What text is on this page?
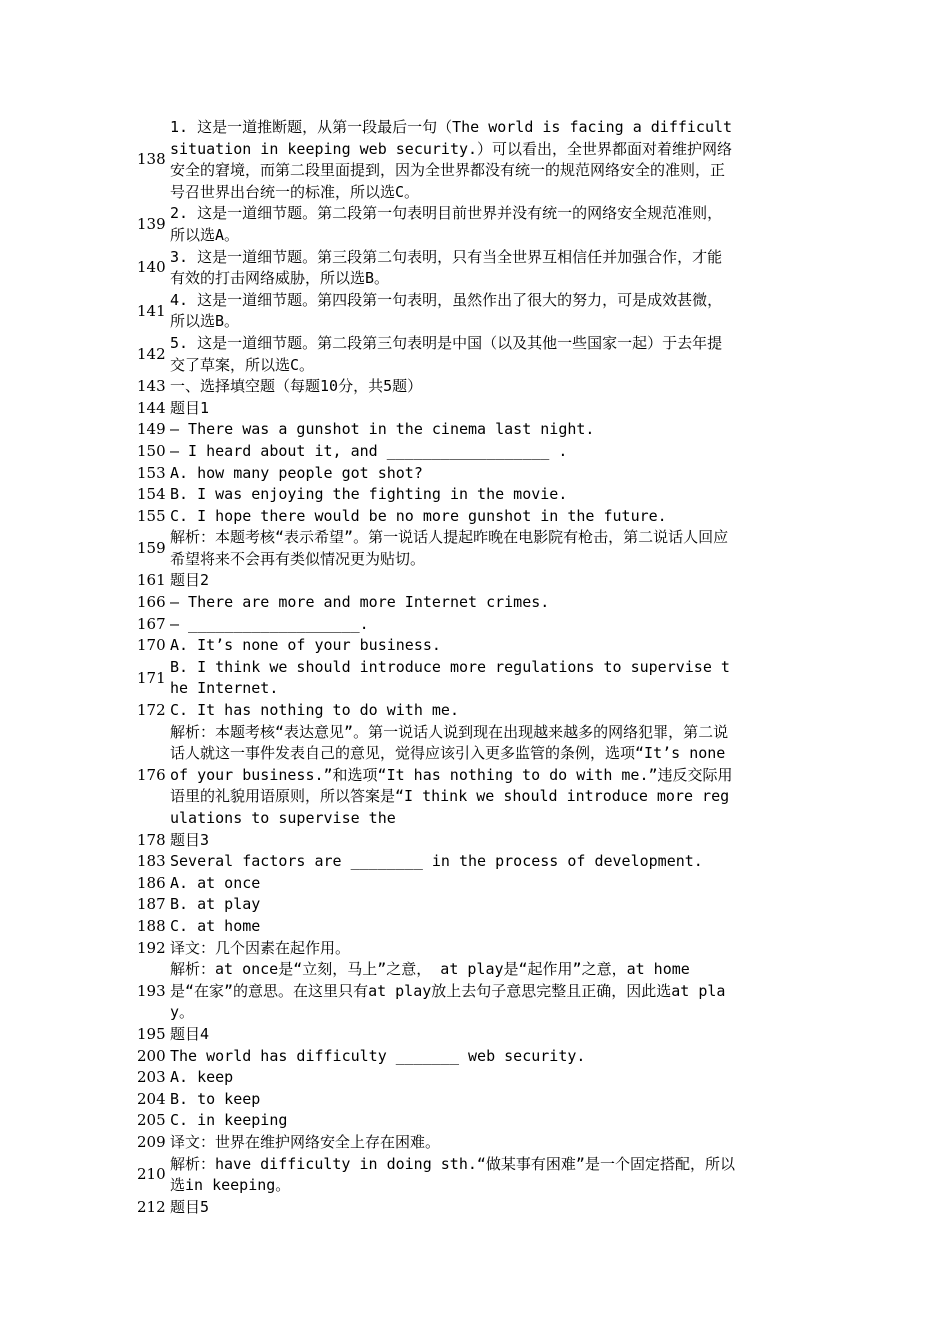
138
1. 这是一道推断题，从第一段最后一句（The world is facing a difficult situation in keeping web security.）可以看出，全世界都面对着维护网络安全的窘境，而第二段里面提到，因为全世界都没有统一的规范网络安全的准则，正号召世界出台统一的标准，所以选C。
139
2. 这是一道细节题。第二段第一句表明目前世界并没有统一的网络安全规范准则，所以选A。
140
3. 这是一道细节题。第三段第二句表明，只有当全世界互相信任并加强合作，才能有效的打击网络威胁，所以选B。
141
4. 这是一道细节题。第四段第一句表明，虽然作出了很大的努力，可是成效甚微，所以选B。
142
5. 这是一道细节题。第二段第三句表明是中国（以及其他一些国家一起）于去年提交了草案，所以选C。
143 一、选择填空题（每题10分，共5题）
144 题目1
149 — There was a gunshot in the cinema last night.
150 — I heard about it, and __________________ .
153 A. how many people got shot?
154 B. I was enjoying the fighting in the movie.
155 C. I hope there would be no more gunshot in the future.
159
解析：本题考核“表示希望”。第一说话人提起昨晚在电影院有枪击，第二说话人回应希望将来不会再有类似情况更为贴切。
161 题目2
166 — There are more and more Internet crimes.
167 — ___________________.
170 A. It’s none of your business.
171
B. I think we should introduce more regulations to supervise the Internet.
172 C. It has nothing to do with me.
176
解析：本题考核“表达意见”。第一说话人说到现在出现越来越多的网络犯罪，第二说话人就这一事件发表自己的意见，觉得应该引入更多监管的条例，选项“It’s none of your business.”和选项“It has nothing to do with me.”违反交际用语里的礼貌用语原则，所以答案是“I think we should introduce more regulations to supervise the
178 题目3
183 Several factors are ________ in the process of development.
186 A. at once
187 B. at play
188 C. at home
192 译文：几个因素在起作用。
193
解析：at once是“立刻，马上”之意， at play是“起作用”之意，at home 是“在家”的意思。在这里只有at play放上去句子意思完整且正确，因此选at play。
195 题目4
200 The world has difficulty _______ web security.
203 A. keep
204 B. to keep
205 C. in keeping
209 译文：世界在维护网络安全上存在困难。
210
解析：have difficulty in doing sth.“做某事有困难”是一个固定搭配，所以选in keeping。
212 题目5
